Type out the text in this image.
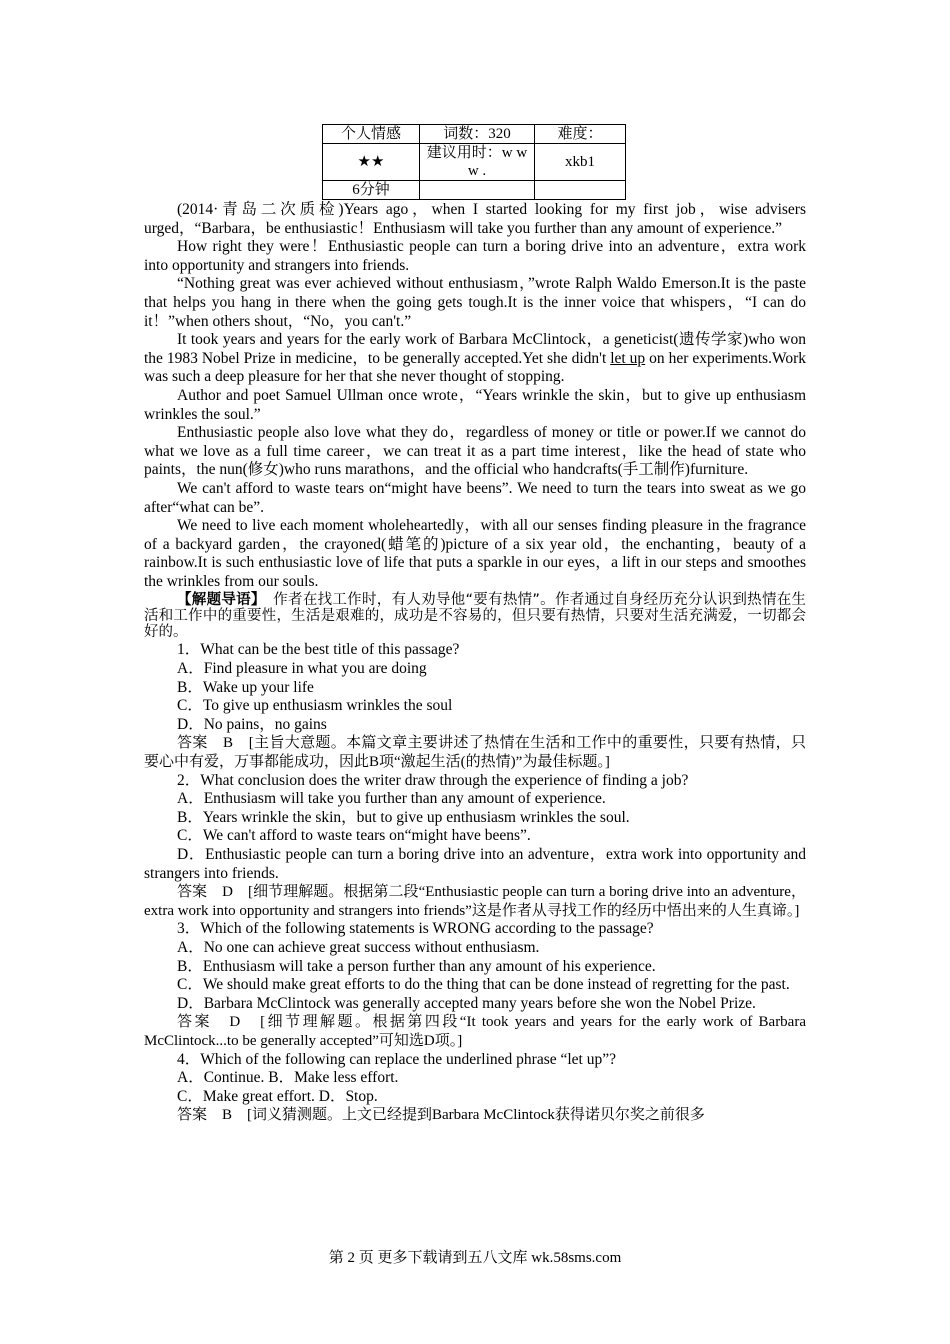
个人情感	词数：320	难度：
★★	建议用时：w w w .	xkb1
6分钟		

(2014·青岛二次质检)Years ago，when I started looking for my first job，wise advisers urged，“Barbara，be enthusiastic！Enthusiasm will take you further than any amount of experience.”

How right they were！Enthusiastic people can turn a boring drive into an adventure，extra work into opportunity and strangers into friends.

“Nothing great was ever achieved without enthusiasm，”wrote Ralph Waldo Emerson.It is the paste that helps you hang in there when the going gets tough.It is the inner voice that whispers，“I can do it！”when others shout，“No，you can't.”

It took years and years for the early work of Barbara McClintock，a geneticist(遗传学家)who won the 1983 Nobel Prize in medicine，to be generally accepted.Yet she didn't let up on her experiments.Work was such a deep pleasure for her that she never thought of stopping.

Author and poet Samuel Ullman once wrote，“Years wrinkle the skin，but to give up enthusiasm wrinkles the soul.”

Enthusiastic people also love what they do，regardless of money or title or power.If we cannot do what we love as a full time career，we can treat it as a part time interest，like the head of state who paints，the nun(修女)who runs marathons，and the official who handcrafts(手工制作)furniture.

We can't afford to waste tears on“might have beens”. We need to turn the tears into sweat as we go after“what can be”.

We need to live each moment wholeheartedly，with all our senses finding pleasure in the fragrance of a backyard garden，the crayoned(蜡笔的)picture of a six year old，the enchanting，beauty of a rainbow.It is such enthusiastic love of life that puts a sparkle in our eyes，a lift in our steps and smoothes the wrinkles from our souls.

【解题导语】　 作者在找工作时，有人劝导他“要有热情”。作者通过自身经历充分认识到热情在生活和工作中的重要性，生活是艰难的，成功是不容易的，但只要有热情，只要对生活充满爱，一切都会好的。

1．What can be the best title of this passage?

A．Find pleasure in what you are doing

B．Wake up your life

C．To give up enthusiasm wrinkles the soul

D．No pains，no gains

答案　B　[主旨大意题。本篇文章主要讲述了热情在生活和工作中的重要性，只要有热情，只要心中有爱，万事都能成功，因此B项“激起生活(的热情)”为最佳标题。]

2．What conclusion does the writer draw through the experience of finding a job?

A．Enthusiasm will take you further than any amount of experience.

B．Years wrinkle the skin，but to give up enthusiasm wrinkles the soul.

C．We can't afford to waste tears on“might have beens”.

D．Enthusiastic people can turn a boring drive into an adventure，extra work into opportunity and strangers into friends.

答案　D　[细节理解题。根据第二段“Enthusiastic people can turn a boring drive into an adventure，extra work into opportunity and strangers into friends”这是作者从寻找工作的经历中悟出来的人生真谛。]

3．Which of the following statements is WRONG according to the passage?

A．No one can achieve great success without enthusiasm.

B．Enthusiasm will take a person further than any amount of his experience.

C．We should make great efforts to do the thing that can be done instead of regretting for the past.

D．Barbara McClintock was generally accepted many years before she won the Nobel Prize.

答案　D　[细节理解题。根据第四段“It took years and years for the early work of Barbara McClintock...to be generally accepted”可知选D项。]

4．Which of the following can replace the underlined phrase “let up”?

A．Continue. B．Make less effort.

C．Make great effort. D．Stop.

答案　B　[词义猜测题。上文已经提到Barbara McClintock获得诺贝尔奖之前很多

第 2 页 更多下载请到五八文库 wk.58sms.com
